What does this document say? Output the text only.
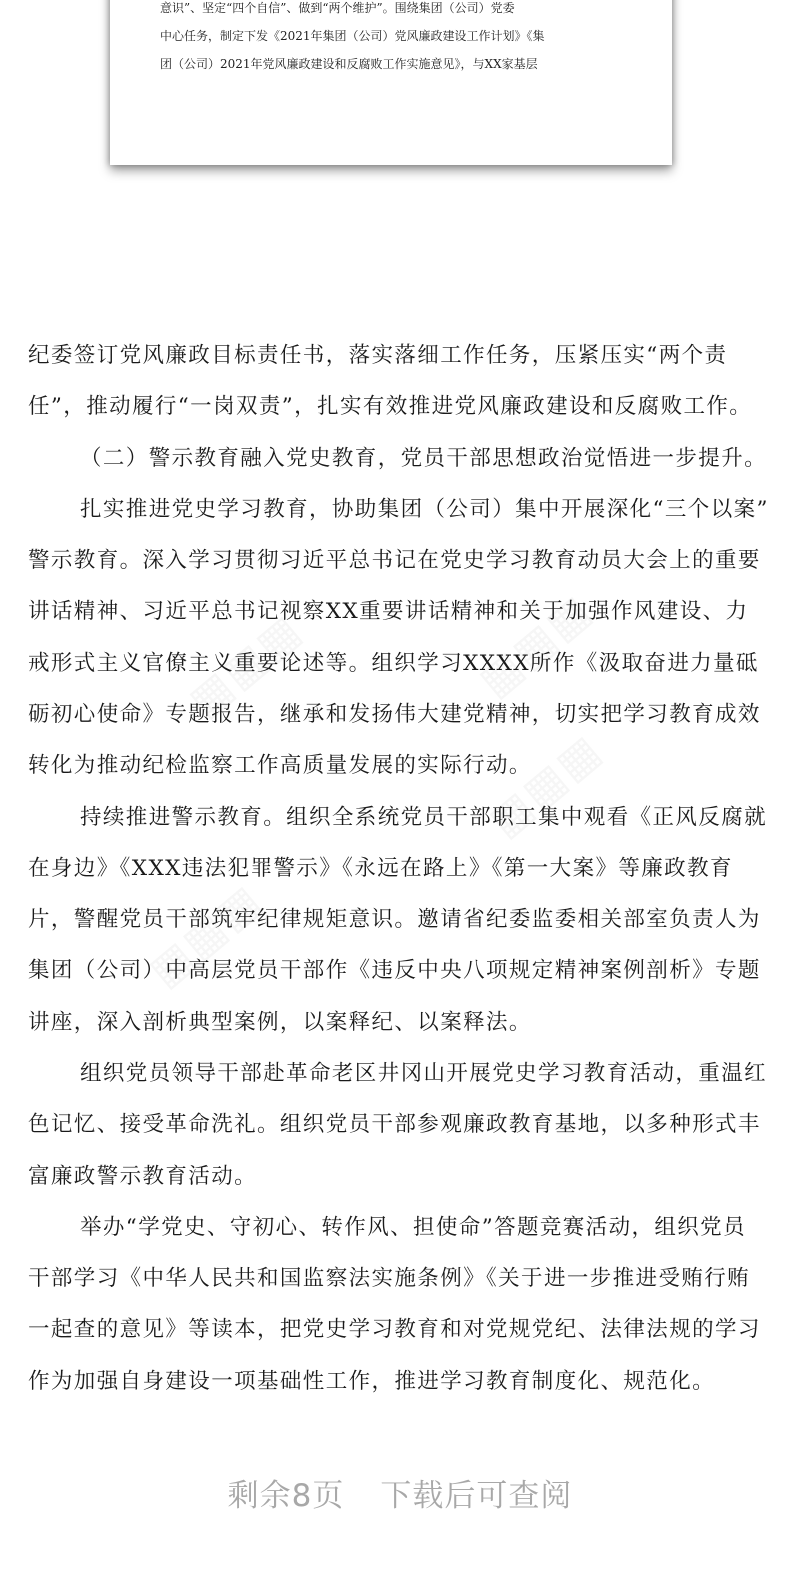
意识”、坚定“四个自信”、做到“两个维护”。围绕集团（公司）党委
中心任务，制定下发《2021年集团（公司）党风廉政建设工作计划》《集
团（公司）2021年党风廉政建设和反腐败工作实施意见》，与XX家基层
纪委签订党风廉政目标责任书，落实落细工作任务，压紧压实“两个责
任”，推动履行“一岗双责”，扎实有效推进党风廉政建设和反腐败工作。
（二）警示教育融入党史教育，党员干部思想政治觉悟进一步提升。
扎实推进党史学习教育，协助集团（公司）集中开展深化“三个以案”
警示教育。深入学习贯彻习近平总书记在党史学习教育动员大会上的重要
讲话精神、习近平总书记视察XX重要讲话精神和关于加强作风建设、力
戒形式主义官僚主义重要论述等。组织学习XXXX所作《汲取奋进力量砥
砺初心使命》专题报告，继承和发扬伟大建党精神，切实把学习教育成效
转化为推动纪检监察工作高质量发展的实际行动。
持续推进警示教育。组织全系统党员干部职工集中观看《正风反腐就
在身边》《XXX违法犯罪警示》《永远在路上》《第一大案》等廉政教育
片，警醒党员干部筑牢纪律规矩意识。邀请省纪委监委相关部室负责人为
集团（公司）中高层党员干部作《违反中央八项规定精神案例剖析》专题
讲座，深入剖析典型案例，以案释纪、以案释法。
组织党员领导干部赴革命老区井冈山开展党史学习教育活动，重温红
色记忆、接受革命洗礼。组织党员干部参观廉政教育基地，以多种形式丰
富廉政警示教育活动。
举办“学党史、守初心、转作风、担使命”答题竞赛活动，组织党员
干部学习《中华人民共和国监察法实施条例》《关于进一步推进受贿行贿
一起查的意见》等读本，把党史学习教育和对党规党纪、法律法规的学习
作为加强自身建设一项基础性工作，推进学习教育制度化、规范化。
剩余8页 下载后可查阅
